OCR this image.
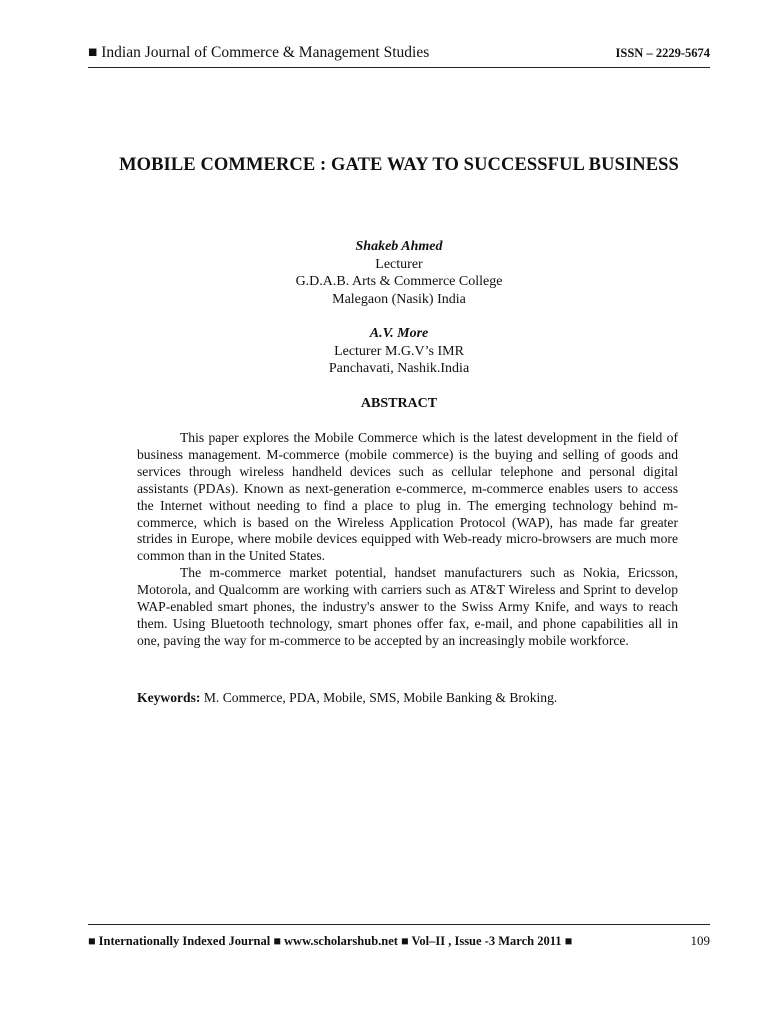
■ Indian Journal of Commerce & Management Studies	ISSN – 2229-5674
MOBILE COMMERCE : GATE WAY TO SUCCESSFUL BUSINESS
Shakeb Ahmed
Lecturer
G.D.A.B. Arts & Commerce College
Malegaon (Nasik) India
A.V. More
Lecturer M.G.V’s IMR
Panchavati, Nashik.India
ABSTRACT

This paper explores the Mobile Commerce which is the latest development in the field of business management. M-commerce (mobile commerce) is the buying and selling of goods and services through wireless handheld devices such as cellular telephone and personal digital assistants (PDAs). Known as next-generation e-commerce, m-commerce enables users to access the Internet without needing to find a place to plug in. The emerging technology behind m-commerce, which is based on the Wireless Application Protocol (WAP), has made far greater strides in Europe, where mobile devices equipped with Web-ready micro-browsers are much more common than in the United States.

The m-commerce market potential, handset manufacturers such as Nokia, Ericsson, Motorola, and Qualcomm are working with carriers such as AT&T Wireless and Sprint to develop WAP-enabled smart phones, the industry's answer to the Swiss Army Knife, and ways to reach them. Using Bluetooth technology, smart phones offer fax, e-mail, and phone capabilities all in one, paving the way for m-commerce to be accepted by an increasingly mobile workforce.

Keywords: M. Commerce, PDA, Mobile, SMS, Mobile Banking & Broking.
■ Internationally Indexed Journal ■ www.scholarshub.net ■ Vol–II , Issue -3 March 2011 ■	109
